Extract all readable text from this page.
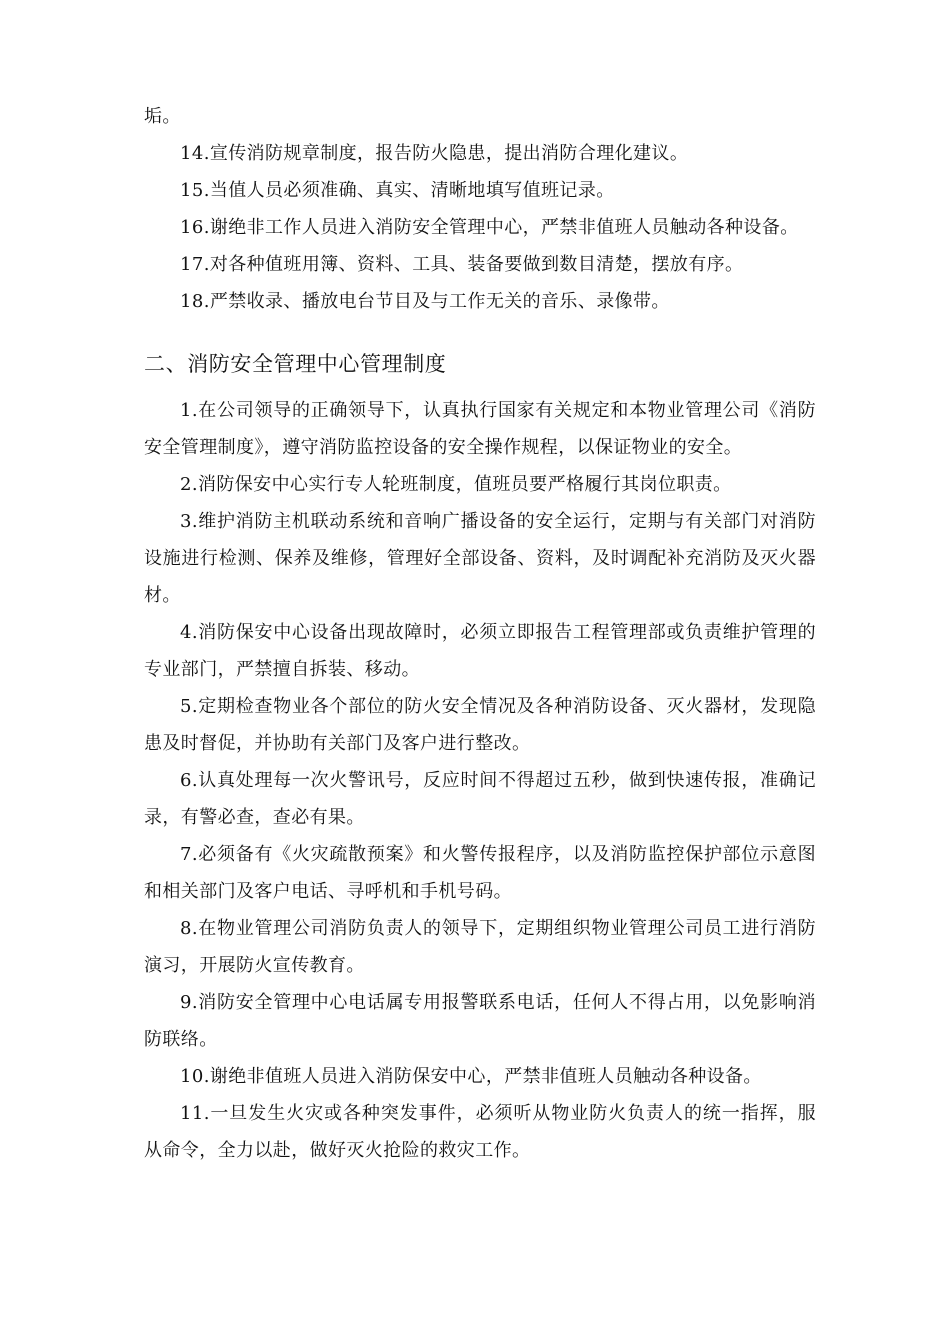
垢。

14.宣传消防规章制度，报告防火隐患，提出消防合理化建议。

15.当值人员必须准确、真实、清晰地填写值班记录。

16.谢绝非工作人员进入消防安全管理中心，严禁非值班人员触动各种设备。

17.对各种值班用簿、资料、工具、装备要做到数目清楚，摆放有序。

18.严禁收录、播放电台节目及与工作无关的音乐、录像带。

二、消防安全管理中心管理制度

1.在公司领导的正确领导下，认真执行国家有关规定和本物业管理公司《消防安全管理制度》，遵守消防监控设备的安全操作规程，以保证物业的安全。

2.消防保安中心实行专人轮班制度，值班员要严格履行其岗位职责。

3.维护消防主机联动系统和音响广播设备的安全运行，定期与有关部门对消防设施进行检测、保养及维修，管理好全部设备、资料，及时调配补充消防及灭火器材。

4.消防保安中心设备出现故障时，必须立即报告工程管理部或负责维护管理的专业部门，严禁擅自拆装、移动。

5.定期检查物业各个部位的防火安全情况及各种消防设备、灭火器材，发现隐患及时督促，并协助有关部门及客户进行整改。

6.认真处理每一次火警讯号，反应时间不得超过五秒，做到快速传报，准确记录，有警必查，查必有果。

7.必须备有《火灾疏散预案》和火警传报程序，以及消防监控保护部位示意图和相关部门及客户电话、寻呼机和手机号码。

8.在物业管理公司消防负责人的领导下，定期组织物业管理公司员工进行消防演习，开展防火宣传教育。

9.消防安全管理中心电话属专用报警联系电话，任何人不得占用，以免影响消防联络。

10.谢绝非值班人员进入消防保安中心，严禁非值班人员触动各种设备。

11.一旦发生火灾或各种突发事件，必须听从物业防火负责人的统一指挥，服从命令，全力以赴，做好灭火抢险的救灾工作。
